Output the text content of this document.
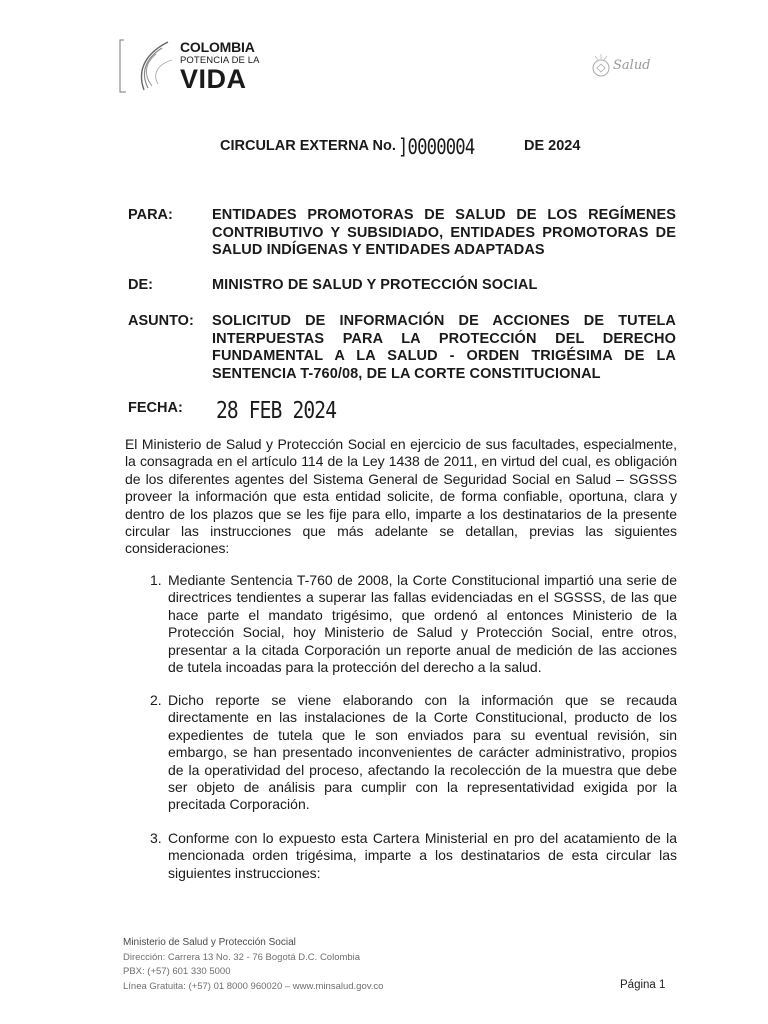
COLOMBIA
POTENCIA DE LA
VIDA	Salud
CIRCULAR EXTERNA No. ]0000004	DE 2024
PARA:	ENTIDADES PROMOTORAS DE SALUD DE LOS REGÍMENES CONTRIBUTIVO Y SUBSIDIADO, ENTIDADES PROMOTORAS DE SALUD INDÍGENAS Y ENTIDADES ADAPTADAS
DE:	MINISTRO DE SALUD Y PROTECCIÓN SOCIAL
ASUNTO: SOLICITUD DE INFORMACIÓN DE ACCIONES DE TUTELA INTERPUESTAS PARA LA PROTECCIÓN DEL DERECHO FUNDAMENTAL A LA SALUD - ORDEN TRIGÉSIMA DE LA SENTENCIA T-760/08, DE LA CORTE CONSTITUCIONAL
FECHA: 28 FEB 2024
El Ministerio de Salud y Protección Social en ejercicio de sus facultades, especialmente, la consagrada en el artículo 114 de la Ley 1438 de 2011, en virtud del cual, es obligación de los diferentes agentes del Sistema General de Seguridad Social en Salud – SGSSS proveer la información que esta entidad solicite, de forma confiable, oportuna, clara y dentro de los plazos que se les fije para ello, imparte a los destinatarios de la presente circular las instrucciones que más adelante se detallan, previas las siguientes consideraciones:
1. Mediante Sentencia T-760 de 2008, la Corte Constitucional impartió una serie de directrices tendientes a superar las fallas evidenciadas en el SGSSS, de las que hace parte el mandato trigésimo, que ordenó al entonces Ministerio de la Protección Social, hoy Ministerio de Salud y Protección Social, entre otros, presentar a la citada Corporación un reporte anual de medición de las acciones de tutela incoadas para la protección del derecho a la salud.
2. Dicho reporte se viene elaborando con la información que se recauda directamente en las instalaciones de la Corte Constitucional, producto de los expedientes de tutela que le son enviados para su eventual revisión, sin embargo, se han presentado inconvenientes de carácter administrativo, propios de la operatividad del proceso, afectando la recolección de la muestra que debe ser objeto de análisis para cumplir con la representatividad exigida por la precitada Corporación.
3. Conforme con lo expuesto esta Cartera Ministerial en pro del acatamiento de la mencionada orden trigésima, imparte a los destinatarios de esta circular las siguientes instrucciones:
Ministerio de Salud y Protección Social
Dirección: Carrera 13 No. 32 - 76 Bogotá D.C. Colombia
PBX: (+57) 601 330 5000
Línea Gratuita: (+57) 01 8000 960020 – www.minsalud.gov.co	Página 1
